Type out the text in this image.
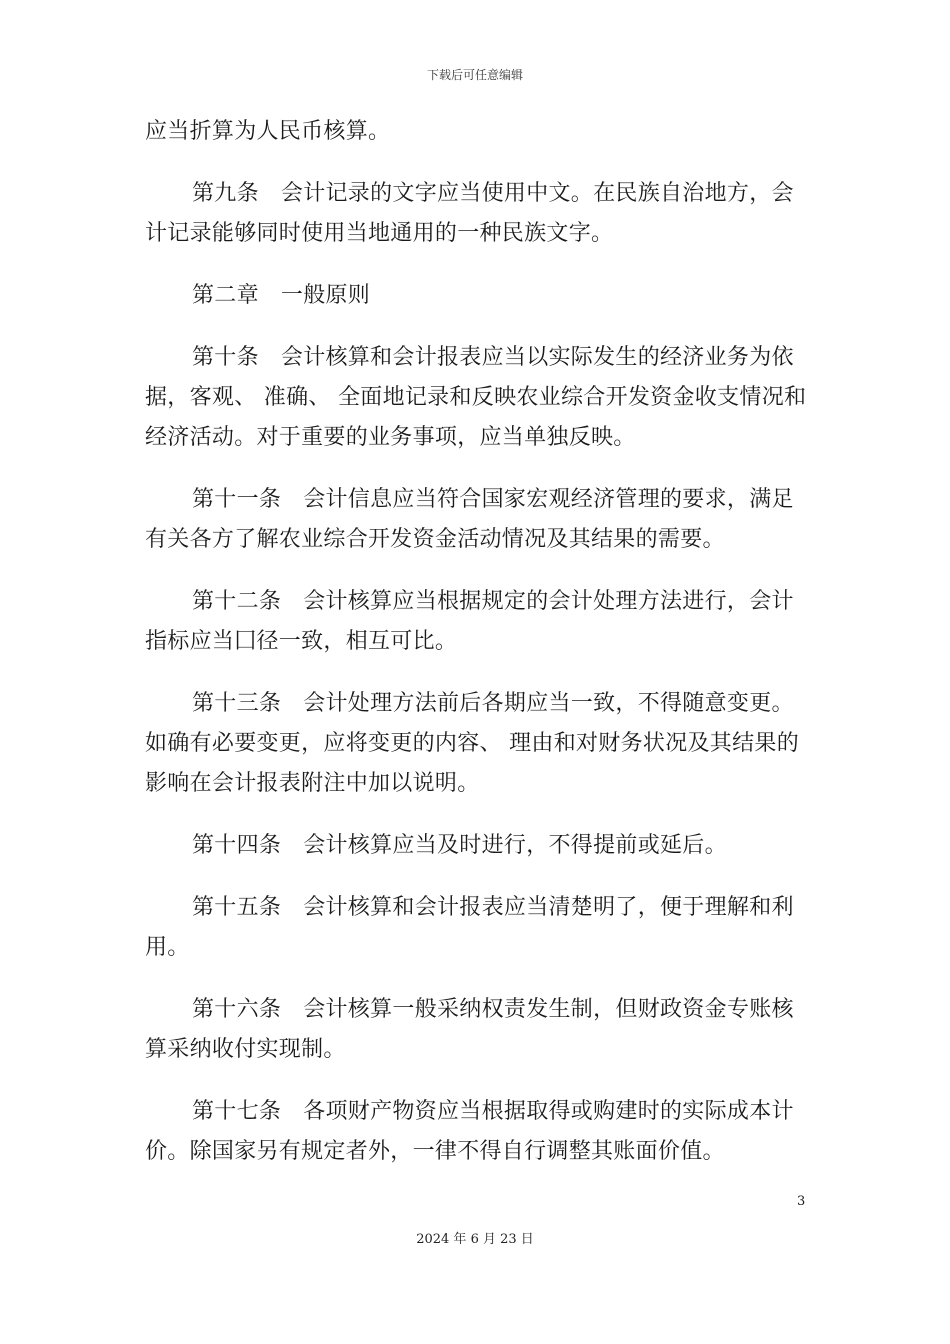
下载后可任意编辑

应当折算为人民币核算。

第九条 会计记录的文字应当使用中文。在民族自治地方，会计记录能够同时使用当地通用的一种民族文字。

第二章 一般原则

第十条 会计核算和会计报表应当以实际发生的经济业务为依据，客观、 准确、 全面地记录和反映农业综合开发资金收支情况和经济活动。对于重要的业务事项，应当单独反映。

第十一条 会计信息应当符合国家宏观经济管理的要求，满足有关各方了解农业综合开发资金活动情况及其结果的需要。

第十二条 会计核算应当根据规定的会计处理方法进行，会计指标应当囗径一致，相互可比。

第十三条 会计处理方法前后各期应当一致，不得随意变更。如确有必要变更，应将变更的内容、 理由和对财务状况及其结果的影响在会计报表附注中加以说明。

第十四条 会计核算应当及时进行，不得提前或延后。

第十五条 会计核算和会计报表应当清楚明了，便于理解和利用。

第十六条 会计核算一般采纳权责发生制，但财政资金专账核算采纳收付实现制。

第十七条 各项财产物资应当根据取得或购建时的实际成本计价。除国家另有规定者外，一律不得自行调整其账面价值。

3
2024 年 6 月 23 日
